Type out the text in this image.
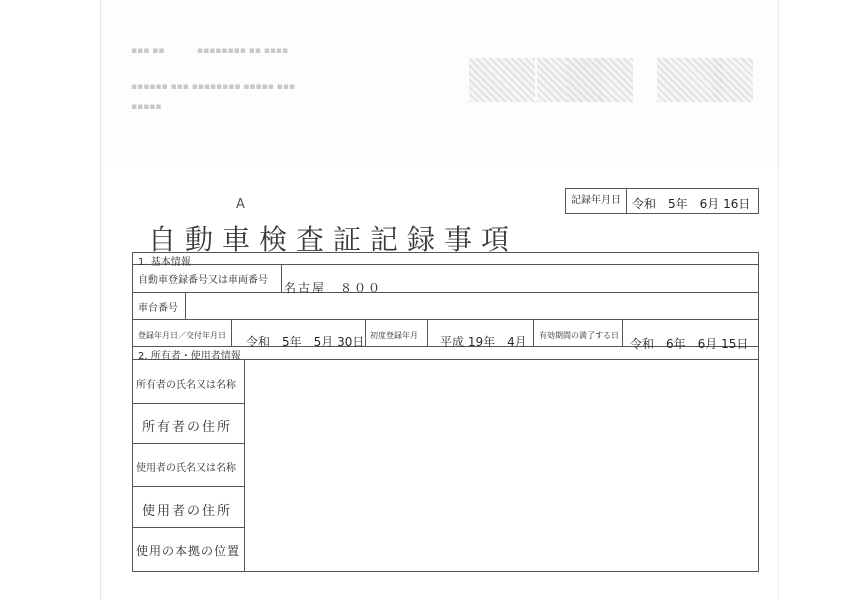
▪▪▪ ▪▪	▪▪▪▪▪▪▪▪ ▪▪ ▪▪▪▪
▪▪▪▪▪▪ ▪▪▪ ▪▪▪▪▪▪▪▪ ▪▪▪▪▪ ▪▪▪
▪▪▪▪▪
A
自動車検査証記録事項
記録年月日 令和　5年　6月 16日
1. 基本情報
自動車登録番号又は車両番号
名古屋　８００
車台番号
登録年月日／交付年月日 令和　5年　5月 30日 初度登録年月 平成 19年　4月 有効期間の満了する日
令和　6年　6月 15日
2. 所有者・使用者情報
所有者の氏名又は名称
所有者の住所
使用者の氏名又は名称
使用者の住所
使用の本拠の位置
